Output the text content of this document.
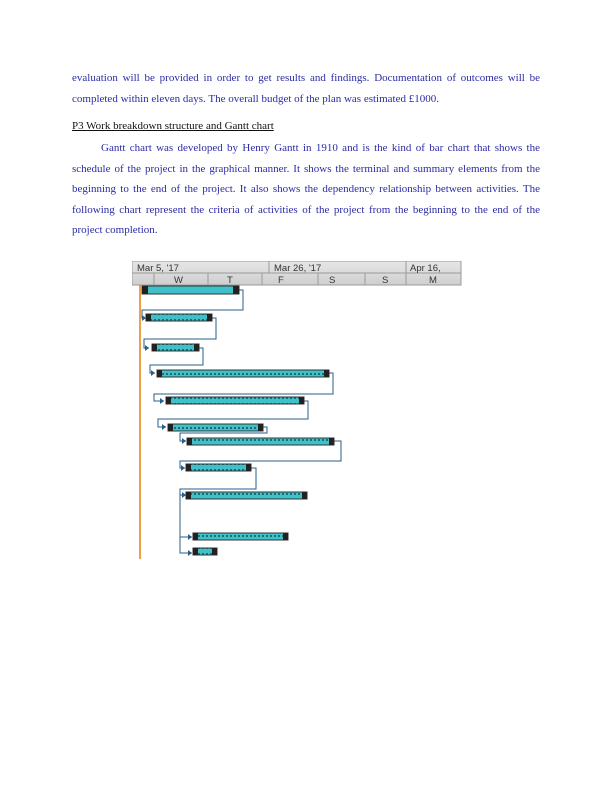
evaluation will be provided in order to get results and findings. Documentation of outcomes will be completed within eleven days. The overall budget of the plan was estimated £1000.

P3 Work breakdown structure and Gantt chart

Gantt chart was developed by Henry Gantt in 1910 and is the kind of bar chart that shows the schedule of the project in the graphical manner. It shows the terminal and summary elements from the beginning to the end of the project. It also shows the dependency relationship between activities. The following chart represent the criteria of activities of the project from the beginning to the end of the project completion.

Mar 5, '17	Mar 26, '17	Apr 16,
W	T	F	S	S	M
